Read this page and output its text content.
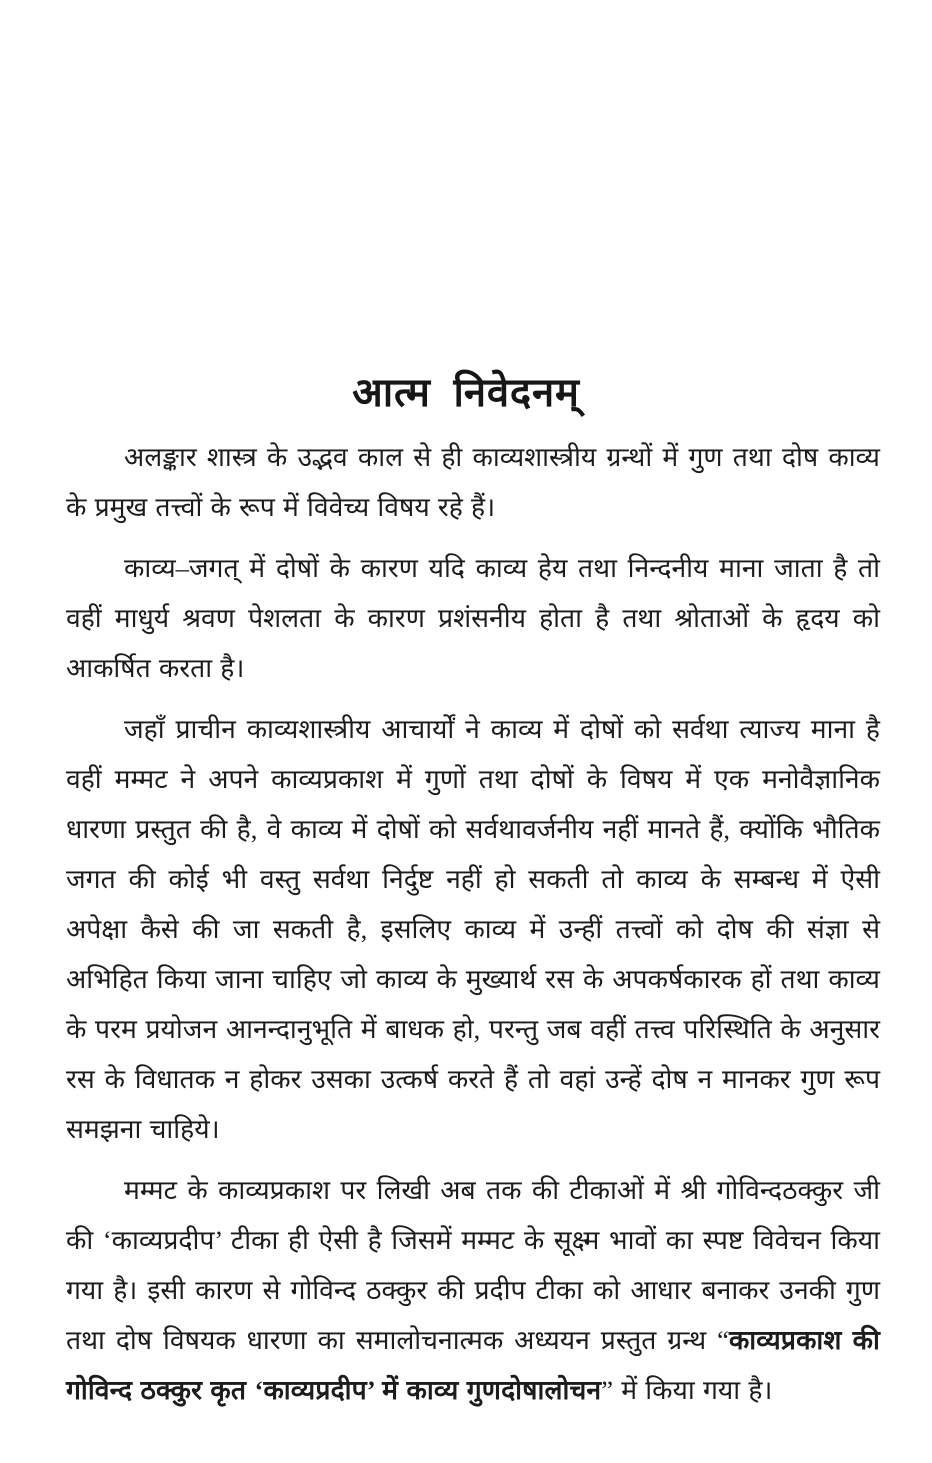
आत्म निवेदनम्

अलङ्कार शास्त्र के उद्भव काल से ही काव्यशास्त्रीय ग्रन्थों में गुण तथा दोष काव्य के प्रमुख तत्त्वों के रूप में विवेच्य विषय रहे हैं।

काव्य–जगत् में दोषों के कारण यदि काव्य हेय तथा निन्दनीय माना जाता है तो वहीं माधुर्य श्रवण पेशलता के कारण प्रशंसनीय होता है तथा श्रोताओं के हृदय को आकर्षित करता है।

जहाँ प्राचीन काव्यशास्त्रीय आचार्यों ने काव्य में दोषों को सर्वथा त्याज्य माना है वहीं मम्मट ने अपने काव्यप्रकाश में गुणों तथा दोषों के विषय में एक मनोवैज्ञानिक धारणा प्रस्तुत की है, वे काव्य में दोषों को सर्वथावर्जनीय नहीं मानते हैं, क्योंकि भौतिक जगत की कोई भी वस्तु सर्वथा निर्दुष्ट नहीं हो सकती तो काव्य के सम्बन्ध में ऐसी अपेक्षा कैसे की जा सकती है, इसलिए काव्य में उन्हीं तत्त्वों को दोष की संज्ञा से अभिहित किया जाना चाहिए जो काव्य के मुख्यार्थ रस के अपकर्षकारक हों तथा काव्य के परम प्रयोजन आनन्दानुभूति में बाधक हो, परन्तु जब वहीं तत्त्व परिस्थिति के अनुसार रस के विधातक न होकर उसका उत्कर्ष करते हैं तो वहां उन्हें दोष न मानकर गुण रूप समझना चाहिये।

मम्मट के काव्यप्रकाश पर लिखी अब तक की टीकाओं में श्री गोविन्दठक्कुर जी की ‘काव्यप्रदीप’ टीका ही ऐसी है जिसमें मम्मट के सूक्ष्म भावों का स्पष्ट विवेचन किया गया है। इसी कारण से गोविन्द ठक्कुर की प्रदीप टीका को आधार बनाकर उनकी गुण तथा दोष विषयक धारणा का समालोचनात्मक अध्ययन प्रस्तुत ग्रन्थ “काव्यप्रकाश की गोविन्द ठक्कुर कृत ‘काव्यप्रदीप’ में काव्य गुणदोषालोचन” में किया गया है।
